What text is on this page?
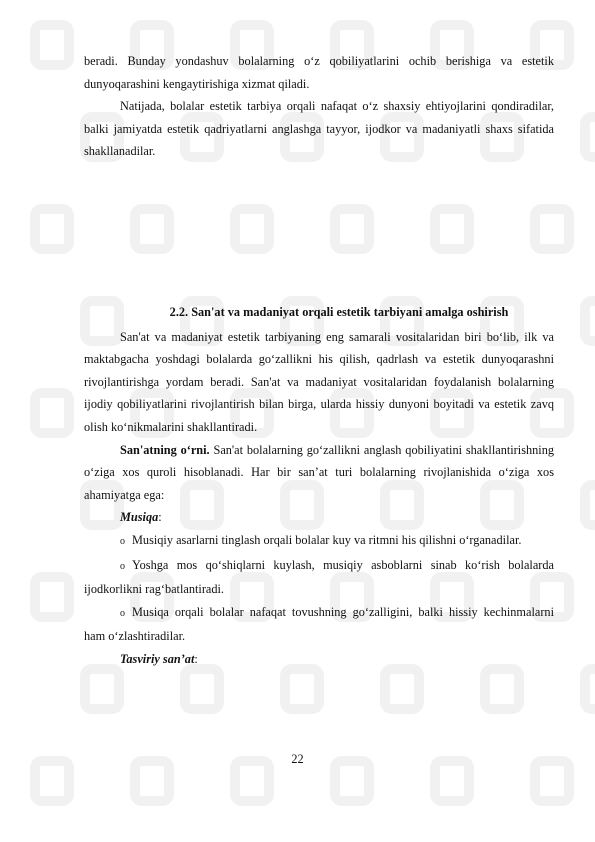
beradi. Bunday yondashuv bolalarning o‘z qobiliyatlarini ochib berishiga va estetik dunyoqarashini kengaytirishiga xizmat qiladi.

Natijada, bolalar estetik tarbiya orqali nafaqat o‘z shaxsiy ehtiyojlarini qondiradilar, balki jamiyatda estetik qadriyatlarni anglashga tayyor, ijodkor va madaniyatli shaxs sifatida shakllanadilar.

2.2. San'at va madaniyat orqali estetik tarbiyani amalga oshirish

San'at va madaniyat estetik tarbiyaning eng samarali vositalaridan biri bo‘lib, ilk va maktabgacha yoshdagi bolalarda go‘zallikni his qilish, qadrlash va estetik dunyoqarashni rivojlantirishga yordam beradi. San'at va madaniyat vositalaridan foydalanish bolalarning ijodiy qobiliyatlarini rivojlantirish bilan birga, ularda hissiy dunyoni boyitadi va estetik zavq olish ko‘nikmalarini shakllantiradi.

San'atning o‘rni. San'at bolalarning go‘zallikni anglash qobiliyatini shakllantirishning o‘ziga xos quroli hisoblanadi. Har bir san’at turi bolalarning rivojlanishida o‘ziga xos ahamiyatga ega:

Musiqa:

o Musiqiy asarlarni tinglash orqali bolalar kuy va ritmni his qilishni o‘rganadilar.

o Yoshga mos qo‘shiqlarni kuylash, musiqiy asboblarni sinab ko‘rish bolalarda ijodkorlikni rag‘batlantiradi.

o Musiqa orqali bolalar nafaqat tovushning go‘zalligini, balki hissiy kechinmalarni ham o‘zlashtiradilar.

Tasviriy san’at:

22
